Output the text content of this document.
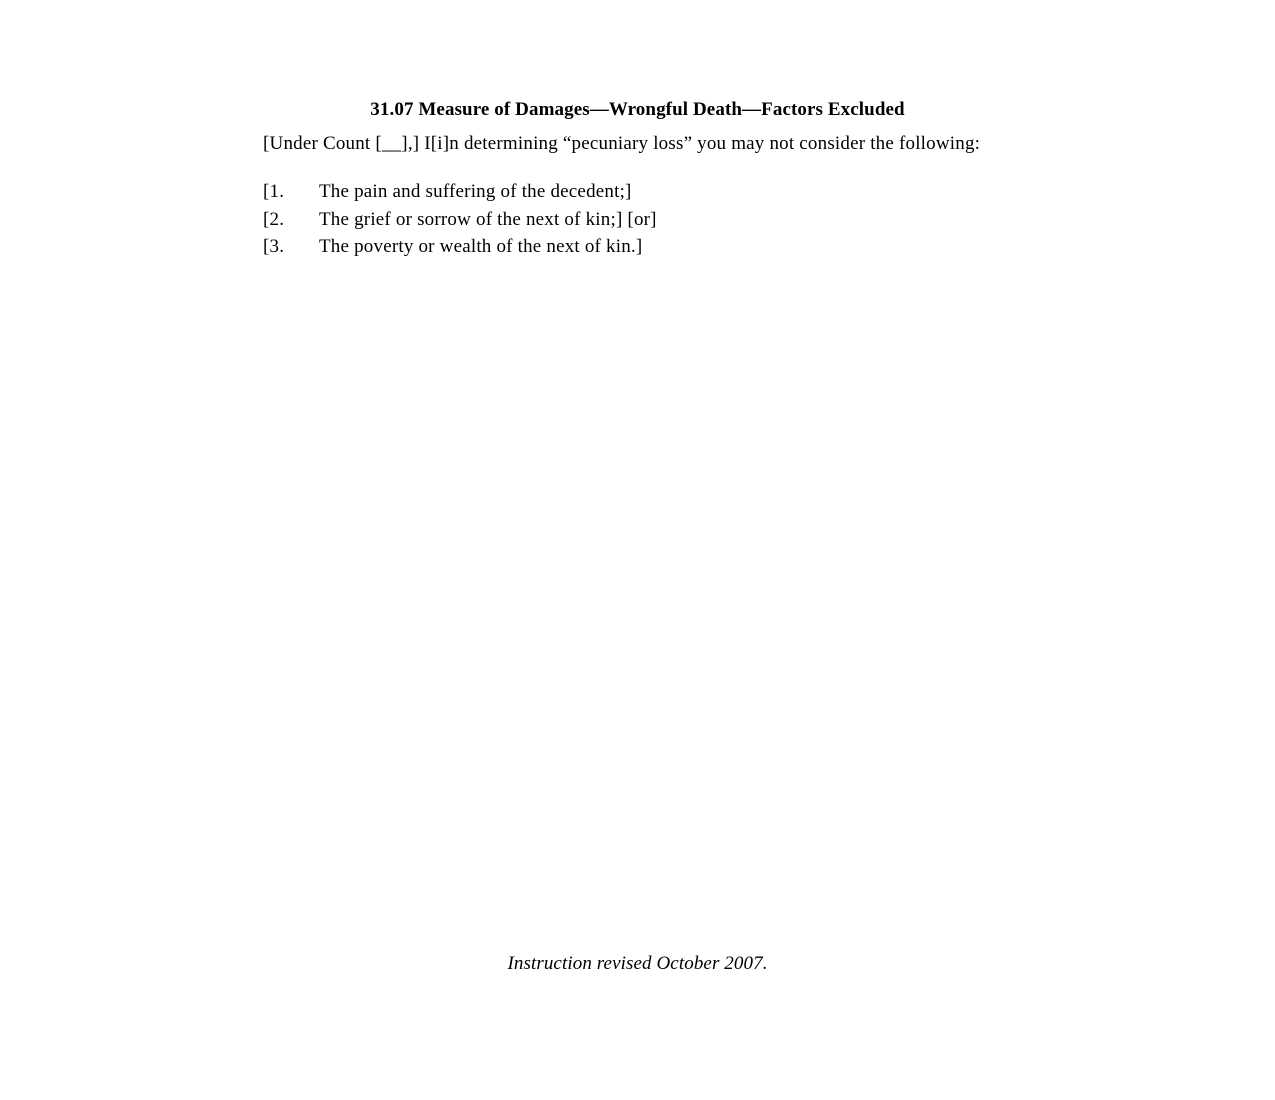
31.07 Measure of Damages—Wrongful Death—Factors Excluded

[Under Count [__],] I[i]n determining “pecuniary loss” you may not consider the following:

[1.	The pain and suffering of the decedent;]
[2.	The grief or sorrow of the next of kin;] [or]
[3.	The poverty or wealth of the next of kin.]
Instruction revised October 2007.
